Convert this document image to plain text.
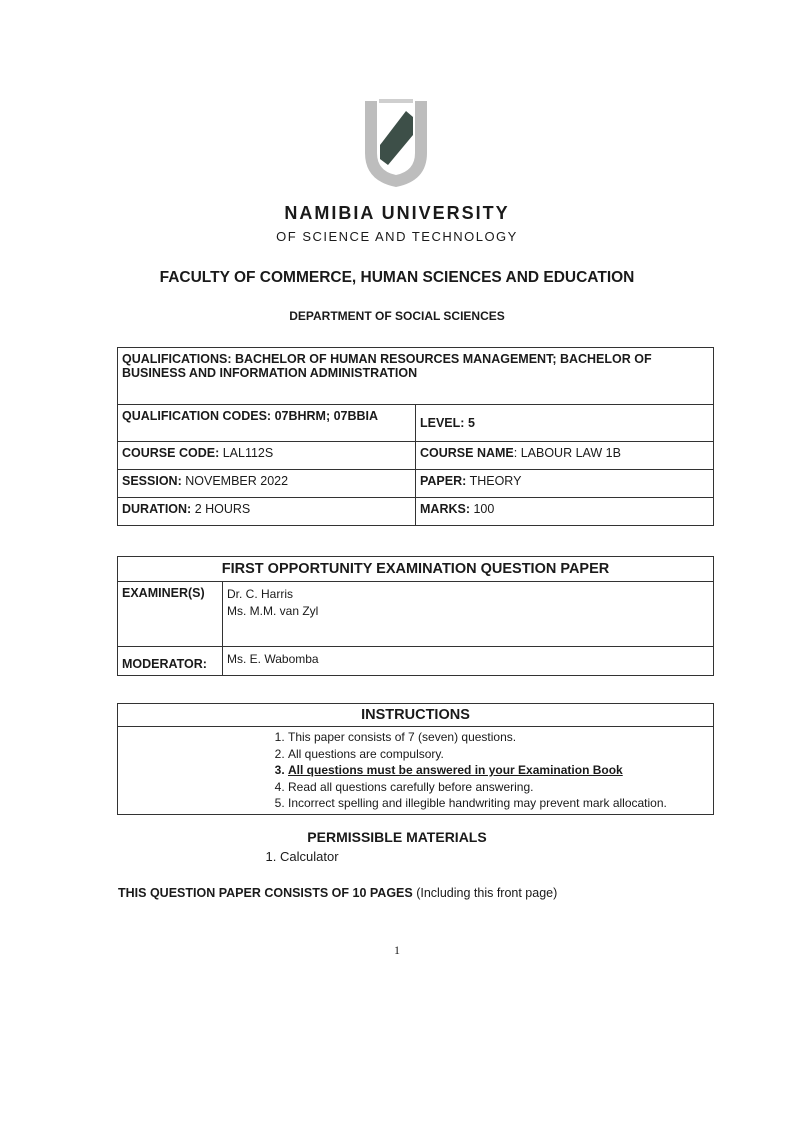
NAMIBIA UNIVERSITY
OF SCIENCE AND TECHNOLOGY
FACULTY OF COMMERCE, HUMAN SCIENCES AND EDUCATION
DEPARTMENT OF SOCIAL SCIENCES
QUALIFICATIONS: BACHELOR OF HUMAN RESOURCES MANAGEMENT; BACHELOR OF BUSINESS AND INFORMATION ADMINISTRATION	
QUALIFICATION CODES: 07BHRM; 07BBIA	LEVEL: 5
COURSE CODE: LAL112S	COURSE NAME: LABOUR LAW 1B
SESSION: NOVEMBER 2022	PAPER: THEORY
DURATION: 2 HOURS	MARKS: 100
FIRST OPPORTUNITY EXAMINATION QUESTION PAPER	
EXAMINER(S)	Dr. C. Harris
Ms. M.M. van Zyl

MODERATOR:	Ms. E. Wabomba
INSTRUCTIONS

1. This paper consists of 7 (seven) questions.
2. All questions are compulsory.
3. All questions must be answered in your Examination Book
4. Read all questions carefully before answering.
5. Incorrect spelling and illegible handwriting may prevent mark allocation.
PERMISSIBLE MATERIALS
1. Calculator
THIS QUESTION PAPER CONSISTS OF 10 PAGES (Including this front page)
1
